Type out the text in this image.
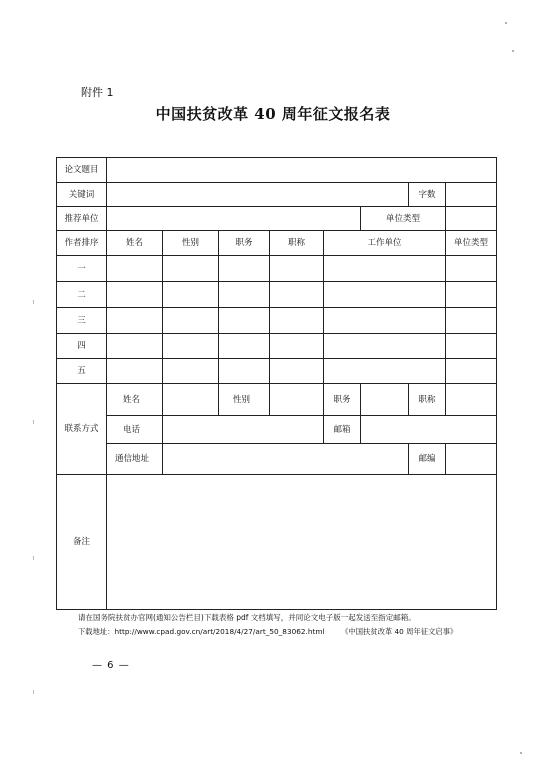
附件 1
中国扶贫改革 40 周年征文报名表
论文题目								
关键词							字数	
推荐单位						单位类型		
作者排序	姓名	性别	职务	职称	工作单位			单位类型
一								
二								
三								
四								
五								
联系方式	姓名		性别		职务		职称	
	电话				邮箱			
	通信地址						邮编	
备注								
请在国务院扶贫办官网(通知公告栏目)下载表格 pdf 文档填写，并同论文电子版一起发送至指定邮箱。
下载地址：http://www.cpad.gov.cn/art/2018/4/27/art_50_83062.html 《中国扶贫改革 40 周年征文启事》
— 6 —
